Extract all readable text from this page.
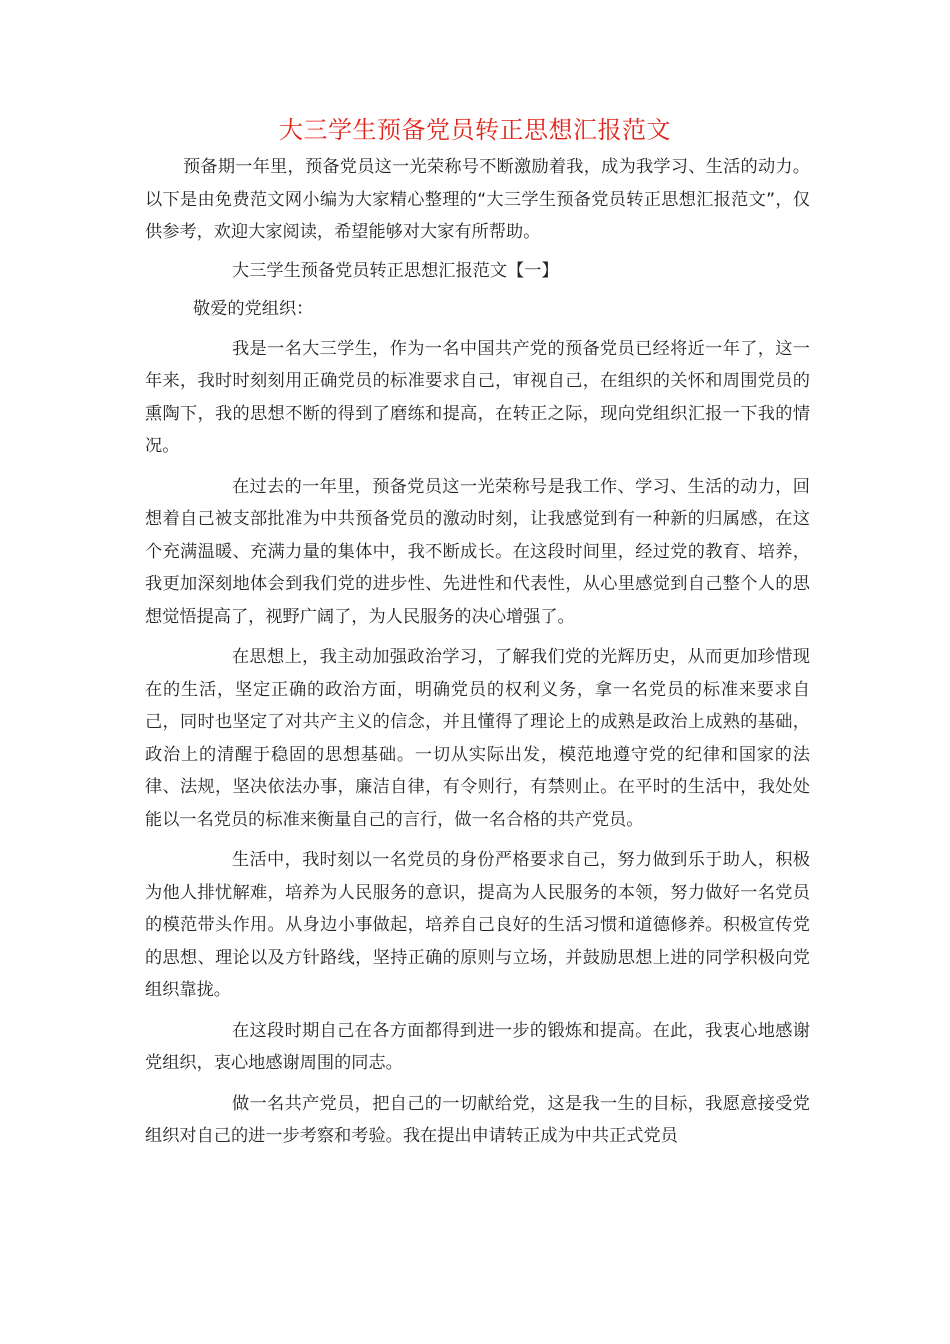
大三学生预备党员转正思想汇报范文

预备期一年里，预备党员这一光荣称号不断激励着我，成为我学习、生活的动力。以下是由免费范文网小编为大家精心整理的“大三学生预备党员转正思想汇报范文”，仅供参考，欢迎大家阅读，希望能够对大家有所帮助。

大三学生预备党员转正思想汇报范文【一】

敬爱的党组织：

我是一名大三学生，作为一名中国共产党的预备党员已经将近一年了，这一年来，我时时刻刻用正确党员的标准要求自己，审视自己，在组织的关怀和周围党员的熏陶下，我的思想不断的得到了磨练和提高，在转正之际，现向党组织汇报一下我的情况。

在过去的一年里，预备党员这一光荣称号是我工作、学习、生活的动力，回想着自己被支部批准为中共预备党员的激动时刻，让我感觉到有一种新的归属感，在这个充满温暖、充满力量的集体中，我不断成长。在这段时间里，经过党的教育、培养，我更加深刻地体会到我们党的进步性、先进性和代表性，从心里感觉到自己整个人的思想觉悟提高了，视野广阔了，为人民服务的决心增强了。

在思想上，我主动加强政治学习，了解我们党的光辉历史，从而更加珍惜现在的生活，坚定正确的政治方面，明确党员的权利义务，拿一名党员的标准来要求自己，同时也坚定了对共产主义的信念，并且懂得了理论上的成熟是政治上成熟的基础，政治上的清醒于稳固的思想基础。一切从实际出发，模范地遵守党的纪律和国家的法律、法规，坚决依法办事，廉洁自律，有令则行，有禁则止。在平时的生活中，我处处能以一名党员的标准来衡量自己的言行，做一名合格的共产党员。

生活中，我时刻以一名党员的身份严格要求自己，努力做到乐于助人，积极为他人排忧解难，培养为人民服务的意识，提高为人民服务的本领，努力做好一名党员的模范带头作用。从身边小事做起，培养自己良好的生活习惯和道德修养。积极宣传党的思想、理论以及方针路线，坚持正确的原则与立场，并鼓励思想上进的同学积极向党组织靠拢。

在这段时期自己在各方面都得到进一步的锻炼和提高。在此，我衷心地感谢党组织，衷心地感谢周围的同志。

做一名共产党员，把自己的一切献给党，这是我一生的目标，我愿意接受党组织对自己的进一步考察和考验。我在提出申请转正成为中共正式党员
